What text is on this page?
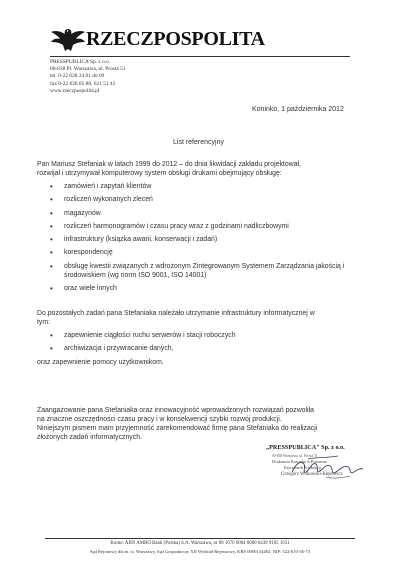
RZECZPOSPOLITA
PRESSPUBLICA Sp. z o.o.
00-838 Pl. Warszawa, ul. Prosta 51
tel. 0-22 628 34 01 do 09
fax 0-22 628 05 88, 621 51 42
www.rzeczpospolita.pl
Koninko, 1 października 2012
List referencyjny
Pan Mariusz Stefaniak w latach 1999 do 2012 – do dnia likwidacji zakładu projektował,
rozwijał i utrzymywał komputerowy system obsługi drukarni obejmujący obsługę:
• zamówień i zapytań klientów
• rozliczeń wykonanych zleceń
• magazynów
• rozliczeń harmonogramów i czasu pracy wraz z godzinami nadliczbowymi
• infrastruktury (książka awarii, konserwacji i zadań)
• korespondencję
• obsługę kwestii związanych z wdrożonym Zintegrowanym Systemem Zarządzania jakością i środowiskiem (wg norm ISO 9001, ISO 14001)
• oraz wiele innych
Do pozostałych zadań pana Stefaniaka należało utrzymanie infrastruktury informatycznej w
tym:
• zapewnienie ciągłości ruchu serwerów i stacji roboczych
• archiwizacja i przywracanie danych,
oraz zapewnienie pomocy użytkownikom.
Zaangażowanie pana Stefaniaka oraz innowacyjność wprowadzonych rozwiązań pozwoliła
na znaczne oszczędności czasu pracy i w konsekwencji szybki rozwój produkcji.
Niniejszym pismem mam przyjemność zarekomendować firmę pana Stefaniaka do realizacji
złożonych zadań informatycznych.
„PRESSPUBLICA" Sp. z o.o.
00-838 Warszawa, ul. Prosta 51
Drukarnia Koninko k/Poznania
Kierownik Produkcji
Grzegorz Wilkowski-Kłęsowicz
Konto: ABN AMRO Bank (Polska) S.A. Warszawa, nr 09 1670 0004 0000 6439 9105 1651
Sąd Rejonowy dla m. st. Warszawy, Sąd Gospodarczy XII Wydział Rejestrowy, KRS 0000134482; NIP: 522-010-36-73
